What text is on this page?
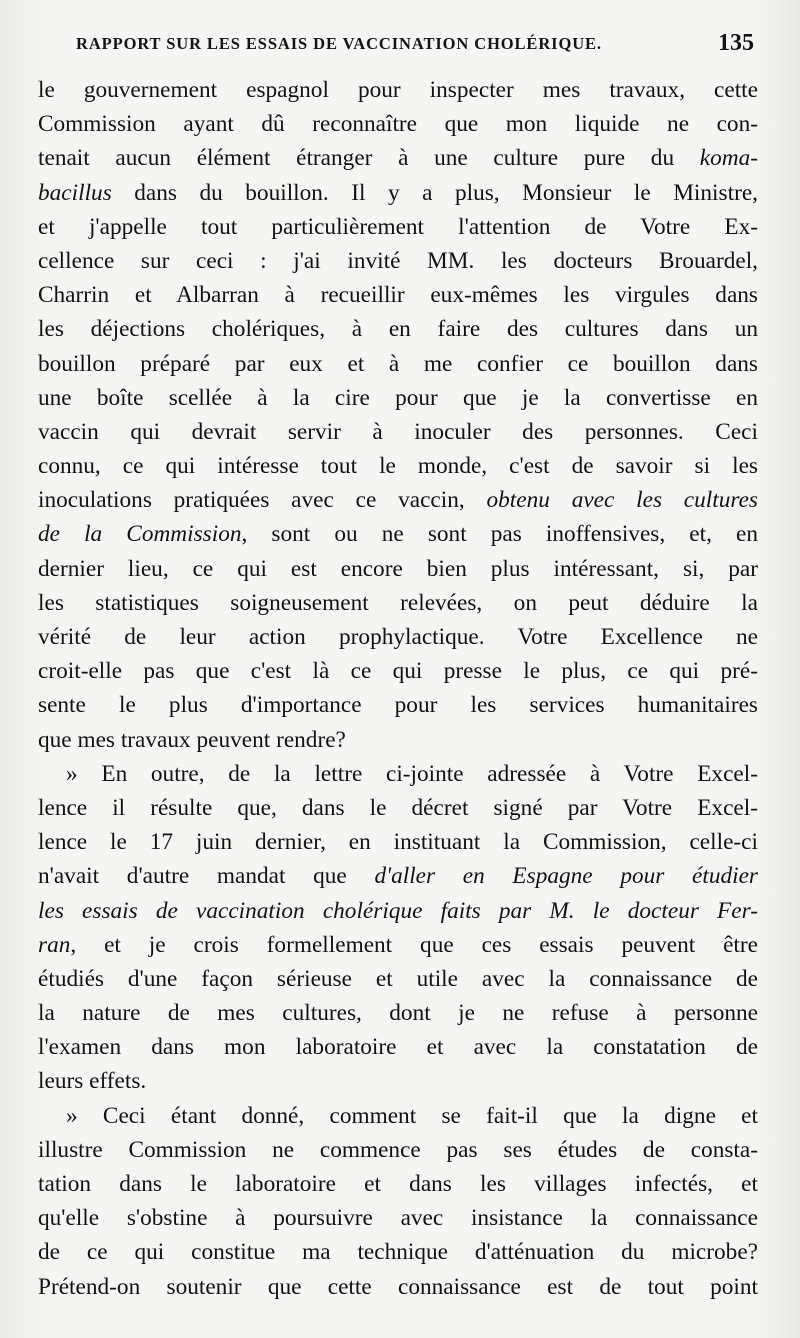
RAPPORT SUR LES ESSAIS DE VACCINATION CHOLÉRIQUE.	135
le gouvernement espagnol pour inspecter mes travaux, cette
Commission ayant dû reconnaître que mon liquide ne con-
tenait aucun élément étranger à une culture pure du koma-
bacillus dans du bouillon. Il y a plus, Monsieur le Ministre,
et j'appelle tout particulièrement l'attention de Votre Ex-
cellence sur ceci : j'ai invité MM. les docteurs Brouardel,
Charrin et Albarran à recueillir eux-mêmes les virgules dans
les déjections cholériques, à en faire des cultures dans un
bouillon préparé par eux et à me confier ce bouillon dans
une boîte scellée à la cire pour que je la convertisse en
vaccin qui devrait servir à inoculer des personnes. Ceci
connu, ce qui intéresse tout le monde, c'est de savoir si les
inoculations pratiquées avec ce vaccin, obtenu avec les cultures
de la Commission, sont ou ne sont pas inoffensives, et, en
dernier lieu, ce qui est encore bien plus intéressant, si, par
les statistiques soigneusement relevées, on peut déduire la
vérité de leur action prophylactique. Votre Excellence ne
croit-elle pas que c'est là ce qui presse le plus, ce qui pré-
sente le plus d'importance pour les services humanitaires
que mes travaux peuvent rendre?
» En outre, de la lettre ci-jointe adressée à Votre Excel-
lence il résulte que, dans le décret signé par Votre Excel-
lence le 17 juin dernier, en instituant la Commission, celle-ci
n'avait d'autre mandat que d'aller en Espagne pour étudier
les essais de vaccination cholérique faits par M. le docteur Fer-
ran, et je crois formellement que ces essais peuvent être
étudiés d'une façon sérieuse et utile avec la connaissance de
la nature de mes cultures, dont je ne refuse à personne
l'examen dans mon laboratoire et avec la constatation de
leurs effets.
» Ceci étant donné, comment se fait-il que la digne et
illustre Commission ne commence pas ses études de consta-
tation dans le laboratoire et dans les villages infectés, et
qu'elle s'obstine à poursuivre avec insistance la connaissance
de ce qui constitue ma technique d'atténuation du microbe?
Prétend-on soutenir que cette connaissance est de tout point
